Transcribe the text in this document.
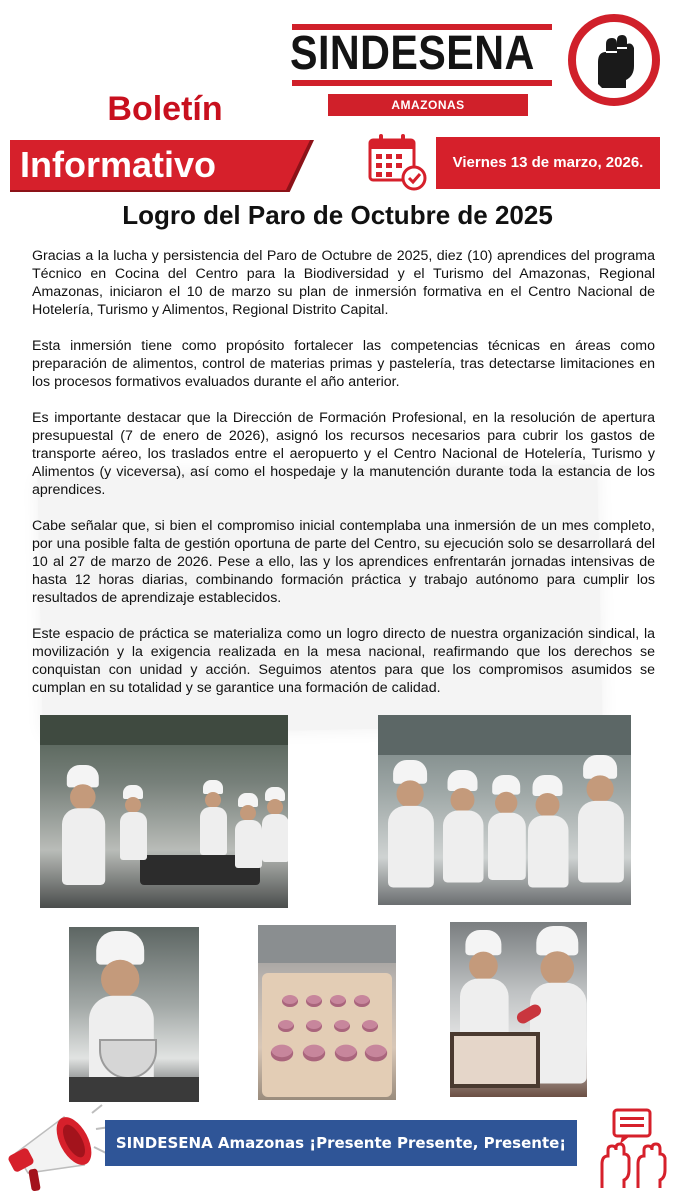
SINDESENA
AMAZONAS
Boletín
Informativo	Viernes 13 de marzo, 2026.
Logro del Paro de Octubre de 2025

Gracias a la lucha y persistencia del Paro de Octubre de 2025, diez (10) aprendices del programa Técnico en Cocina del Centro para la Biodiversidad y el Turismo del Amazonas, Regional Amazonas, iniciaron el 10 de marzo su plan de inmersión formativa en el Centro Nacional de Hotelería, Turismo y Alimentos, Regional Distrito Capital.

Esta inmersión tiene como propósito fortalecer las competencias técnicas en áreas como preparación de alimentos, control de materias primas y pastelería, tras detectarse limitaciones en los procesos formativos evaluados durante el año anterior.

Es importante destacar que la Dirección de Formación Profesional, en la resolución de apertura presupuestal (7 de enero de 2026), asignó los recursos necesarios para cubrir los gastos de transporte aéreo, los traslados entre el aeropuerto y el Centro Nacional de Hotelería, Turismo y Alimentos (y viceversa), así como el hospedaje y la manutención durante toda la estancia de los aprendices.

Cabe señalar que, si bien el compromiso inicial contemplaba una inmersión de un mes completo, por una posible falta de gestión oportuna de parte del Centro, su ejecución solo se desarrollará del 10 al 27 de marzo de 2026. Pese a ello, las y los aprendices enfrentarán jornadas intensivas de hasta 12 horas diarias, combinando formación práctica y trabajo autónomo para cumplir los resultados de aprendizaje establecidos.

Este espacio de práctica se materializa como un logro directo de nuestra organización sindical, la movilización y la exigencia realizada en la mesa nacional, reafirmando que los derechos se conquistan con unidad y acción. Seguimos atentos para que los compromisos asumidos se cumplan en su totalidad y se garantice una formación de calidad.

SINDESENA Amazonas ¡Presente Presente, Presente¡
